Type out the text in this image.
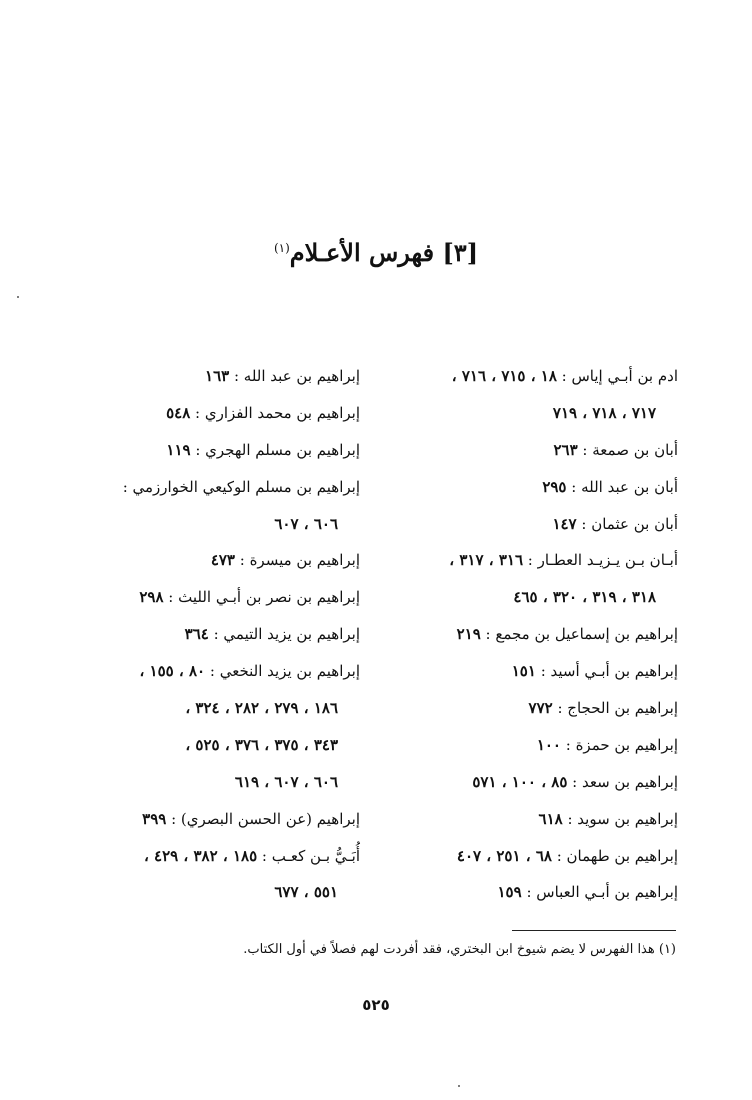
[٣] فهرس الأعـلام$^{(١)}$
ادم بن أبـي إياس : ١٨ ، ٧١٥ ، ٧١٦ ،
٧١٧ ، ٧١٨ ، ٧١٩
أبان بن صمعة : ٢٦٣
أبان بن عبد الله : ٢٩٥
أبان بن عثمان : ١٤٧
أبـان بـن يـزيـد العطـار : ٣١٦ ، ٣١٧ ،
٣١٨ ، ٣١٩ ، ٣٢٠ ، ٤٦٥
إبراهيم بن إسماعيل بن مجمع : ٢١٩
إبراهيم بن أبـي أسيد : ١٥١
إبراهيم بن الحجاج : ٧٧٢
إبراهيم بن حمزة : ١٠٠
إبراهيم بن سعد : ٨٥ ، ١٠٠ ، ٥٧١
إبراهيم بن سويد : ٦١٨
إبراهيم بن طهمان : ٦٨ ، ٢٥١ ، ٤٠٧
إبراهيم بن أبـي العباس : ١٥٩
إبراهيم بن عبد الله : ١٦٣
إبراهيم بن محمد الفزاري : ٥٤٨
إبراهيم بن مسلم الهجري : ١١٩
إبراهيم بن مسلم الوكيعي الخوارزمي :
٦٠٦ ، ٦٠٧
إبراهيم بن ميسرة : ٤٧٣
إبراهيم بن نصر بن أبـي الليث : ٢٩٨
إبراهيم بن يزيد التيمي : ٣٦٤
إبراهيم بن يزيد النخعي : ٨٠ ، ١٥٥ ،
١٨٦ ، ٢٧٩ ، ٢٨٢ ، ٣٢٤ ،
٣٤٣ ، ٣٧٥ ، ٣٧٦ ، ٥٢٥ ،
٦٠٦ ، ٦٠٧ ، ٦١٩
إبراهيم (عن الحسن البصري) : ٣٩٩
أُبَـيُّ بـن كعـب : ١٨٥ ، ٣٨٢ ، ٤٢٩ ،
٥٥١ ، ٦٧٧
(١) هذا الفهرس لا يضم شيوخ ابن البختري، فقد أفردت لهم فصلاً في أول الكتاب.
٥٢٥
